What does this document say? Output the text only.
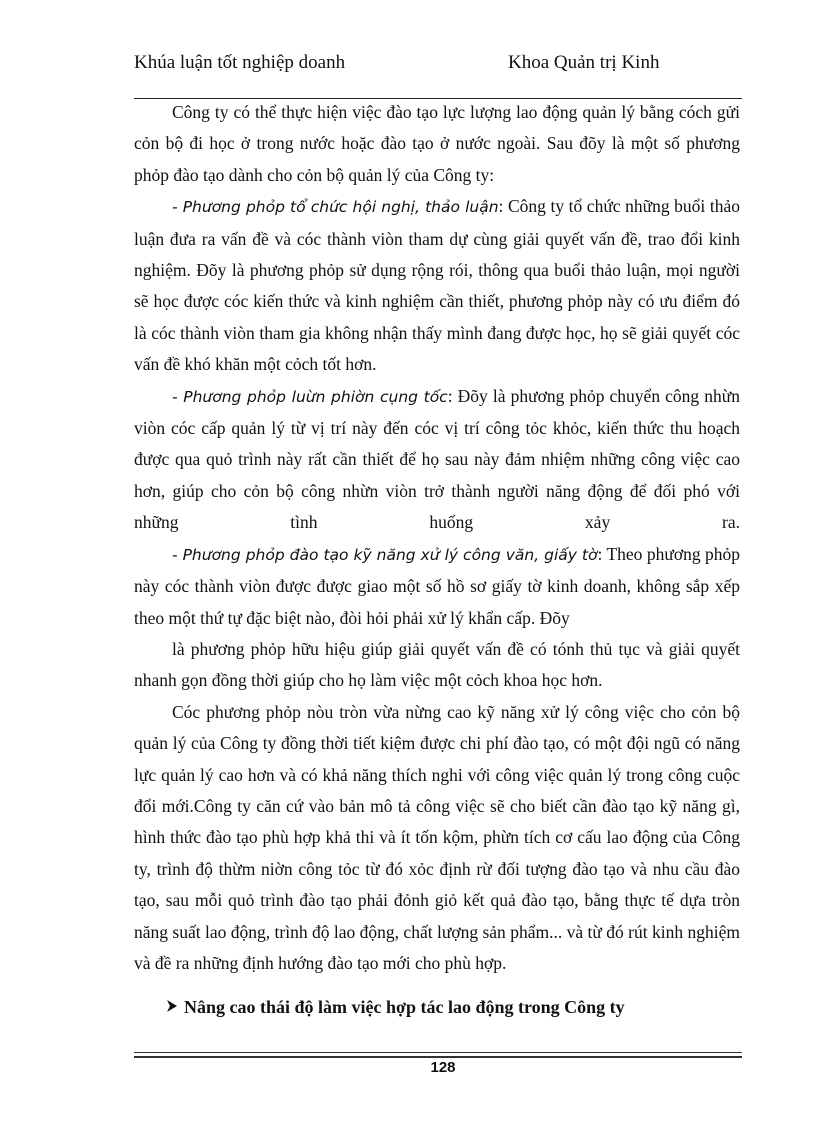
Khúa luận tốt nghiệp doanh	Khoa Quản trị Kinh

Công ty có thể thực hiện việc đào tạo lực lượng lao động quản lý bằng cóch gửi cỏn bộ đi học ở trong nước hoặc đào tạo ở nước ngoài. Sau đõy là một số phương phỏp đào tạo dành cho cỏn bộ quản lý của Công ty:

- Phương phỏp tổ chức hội nghị, thảo luận: Công ty tổ chức những buổi thảo luận đưa ra vấn đề và cóc thành viòn tham dự cùng giải quyết vấn đề, trao đổi kinh nghiệm. Đõy là phương phỏp sử dụng rộng rói, thông qua buổi thảo luận, mọi người sẽ học được cóc kiến thức và kinh nghiệm cần thiết, phương phỏp này có ưu điểm đó là cóc thành viòn tham gia không nhận thấy mình đang được học, họ sẽ giải quyết cóc vấn đề khó khăn một cỏch tốt hơn.

- Phương phỏp luừn phiờn cụng tốc: Đõy là phương phỏp chuyển công nhừn viòn cóc cấp quản lý từ vị trí này đến cóc vị trí công tỏc khỏc, kiến thức thu hoạch được qua quỏ trình này rất cần thiết để họ sau này đảm nhiệm những công việc cao hơn, giúp cho cỏn bộ công nhừn viòn trở thành người năng động để đối phó với những tình huống xảy ra.

- Phương phỏp đào tạo kỹ năng xử lý công văn, giấy tờ: Theo phương phỏp này cóc thành viòn được được giao một số hồ sơ giấy tờ kinh doanh, không sắp xếp theo một thứ tự đặc biệt nào, đòi hỏi phải xử lý khẩn cấp. Đõy

là phương phỏp hữu hiệu giúp giải quyết vấn đề có tónh thủ tục và giải quyết nhanh gọn đồng thời giúp cho họ làm việc một cỏch khoa học hơn.

Cóc phương phỏp nòu tròn vừa nừng cao kỹ năng xử lý công việc cho cỏn bộ quản lý của Công ty đồng thời tiết kiệm được chi phí đào tạo, có một đội ngũ có năng lực quản lý cao hơn và có khả năng thích nghi với công việc quản lý trong công cuộc đổi mới.Công ty căn cứ vào bản mô tả công việc sẽ cho biết cần đào tạo kỹ năng gì, hình thức đào tạo phù hợp khả thi và ít tốn kộm, phừn tích cơ cấu lao động của Công ty, trình độ thừm niờn công tỏc từ đó xỏc định rừ đối tượng đào tạo và nhu cầu đào tạo, sau mỗi quỏ trình đào tạo phải đỏnh giỏ kết quả đào tạo, bằng thực tế dựa tròn năng suất lao động, trình độ lao động, chất lượng sản phẩm... và từ đó rút kinh nghiệm và đề ra những định hướng đào tạo mới cho phù hợp.

Nâng cao thái độ làm việc hợp tác lao động trong Công ty
128
